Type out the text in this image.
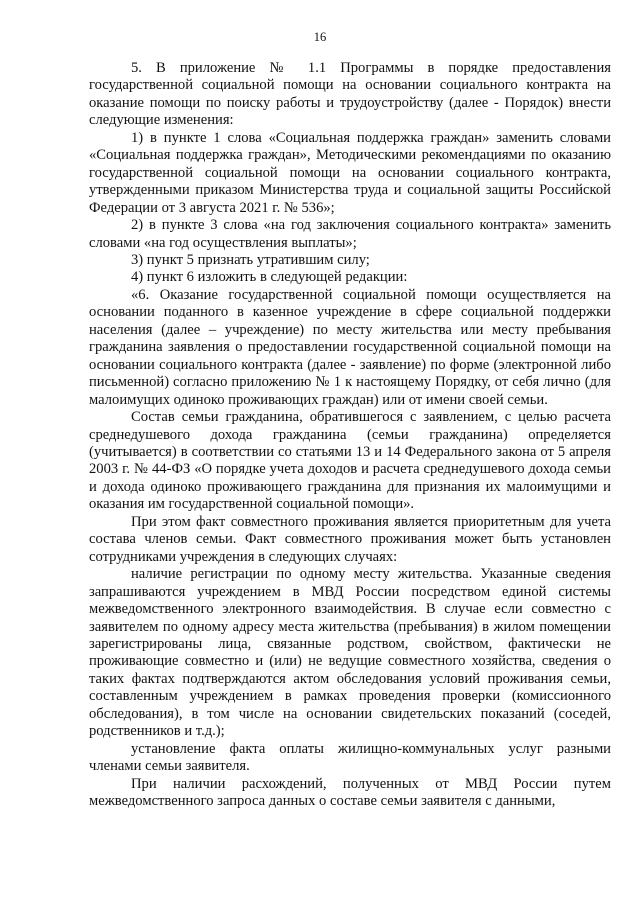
16

5. В приложение № 1.1 Программы в порядке предоставления государственной социальной помощи на основании социального контракта на оказание помощи по поиску работы и трудоустройству (далее - Порядок) внести следующие изменения:

1) в пункте 1 слова «Социальная поддержка граждан» заменить словами «Социальная поддержка граждан», Методическими рекомендациями по оказанию государственной социальной помощи на основании социального контракта, утвержденными приказом Министерства труда и социальной защиты Российской Федерации от 3 августа 2021 г. № 536»;

2) в пункте 3 слова «на год заключения социального контракта» заменить словами «на год осуществления выплаты»;

3) пункт 5 признать утратившим силу;

4) пункт 6 изложить в следующей редакции:

«6. Оказание государственной социальной помощи осуществляется на основании поданного в казенное учреждение в сфере социальной поддержки населения (далее – учреждение) по месту жительства или месту пребывания гражданина заявления о предоставлении государственной социальной помощи на основании социального контракта (далее - заявление) по форме (электронной либо письменной) согласно приложению № 1 к настоящему Порядку, от себя лично (для малоимущих одиноко проживающих граждан) или от имени своей семьи.

Состав семьи гражданина, обратившегося с заявлением, с целью расчета среднедушевого дохода гражданина (семьи гражданина) определяется (учитывается) в соответствии со статьями 13 и 14 Федерального закона от 5 апреля 2003 г. № 44-ФЗ «О порядке учета доходов и расчета среднедушевого дохода семьи и дохода одиноко проживающего гражданина для признания их малоимущими и оказания им государственной социальной помощи».

При этом факт совместного проживания является приоритетным для учета состава членов семьи. Факт совместного проживания может быть установлен сотрудниками учреждения в следующих случаях:

наличие регистрации по одному месту жительства. Указанные сведения запрашиваются учреждением в МВД России посредством единой системы межведомственного электронного взаимодействия. В случае если совместно с заявителем по одному адресу места жительства (пребывания) в жилом помещении зарегистрированы лица, связанные родством, свойством, фактически не проживающие совместно и (или) не ведущие совместного хозяйства, сведения о таких фактах подтверждаются актом обследования условий проживания семьи, составленным учреждением в рамках проведения проверки (комиссионного обследования), в том числе на основании свидетельских показаний (соседей, родственников и т.д.);

установление факта оплаты жилищно-коммунальных услуг разными членами семьи заявителя.

При наличии расхождений, полученных от МВД России путем межведомственного запроса данных о составе семьи заявителя с данными,
